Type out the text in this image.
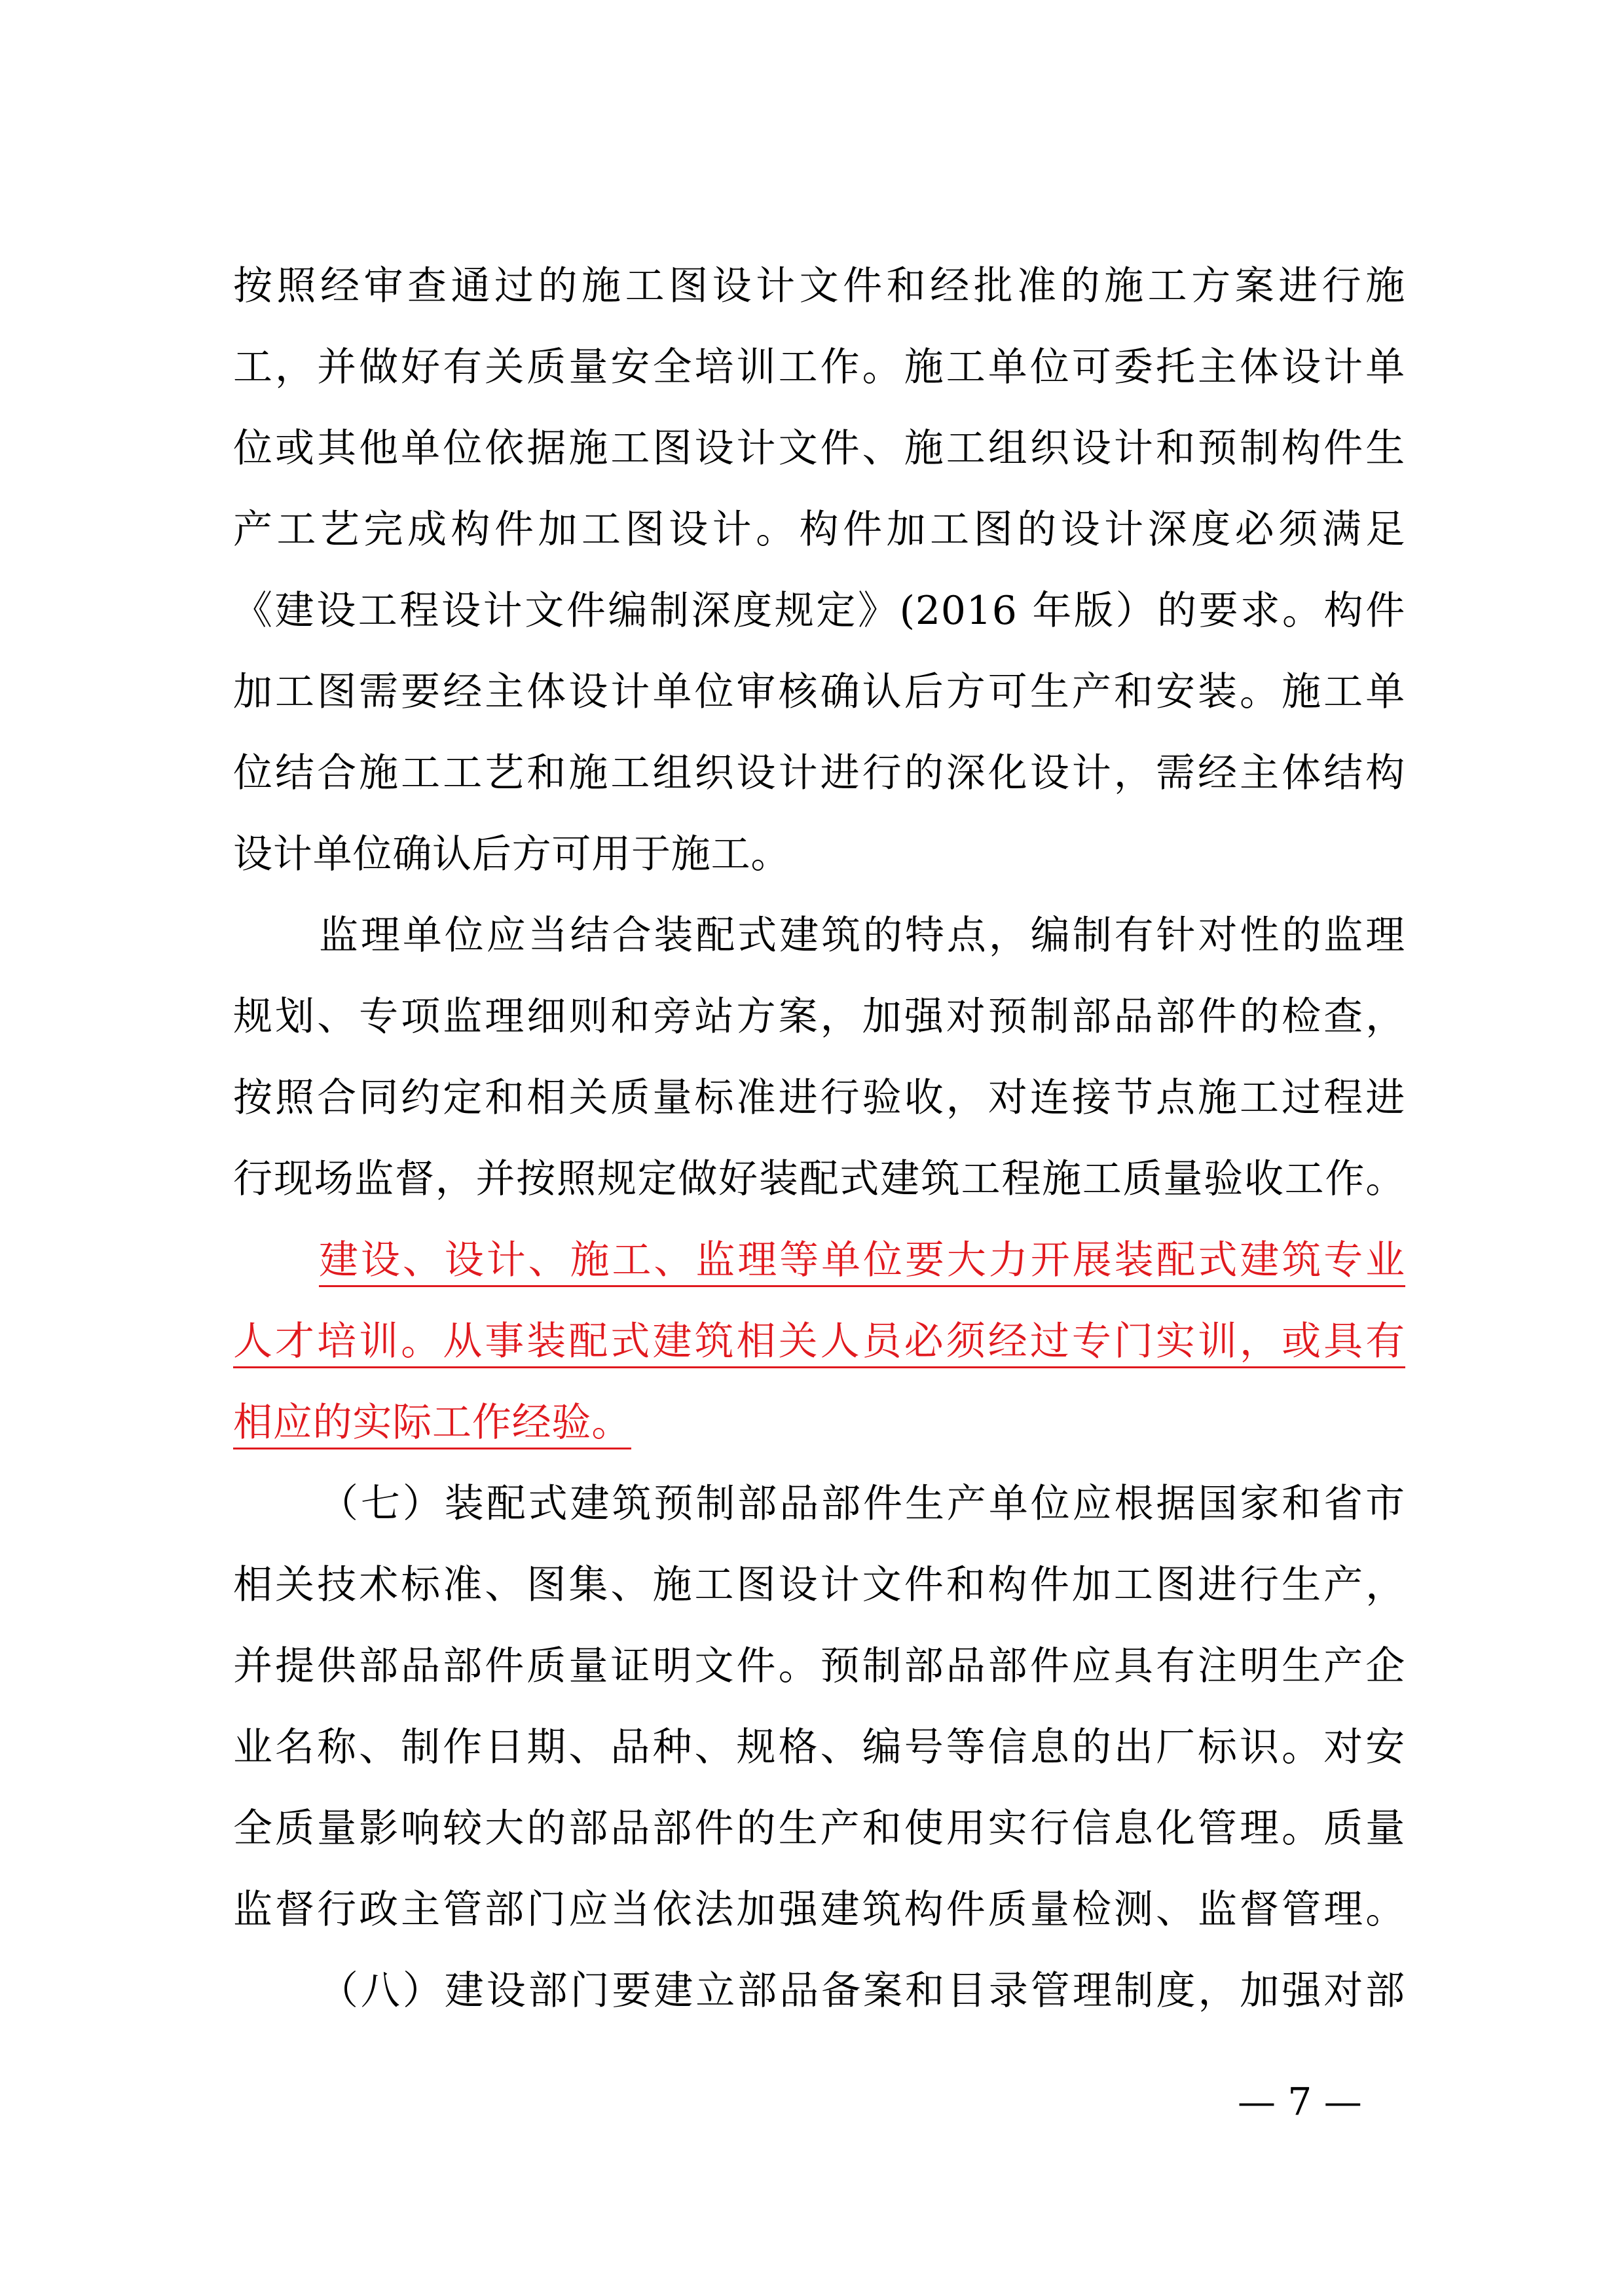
按照经审查通过的施工图设计文件和经批准的施工方案进行施
工，并做好有关质量安全培训工作。施工单位可委托主体设计单
位或其他单位依据施工图设计文件、施工组织设计和预制构件生
产工艺完成构件加工图设计。构件加工图的设计深度必须满足
《建设工程设计文件编制深度规定》(2016 年版）的要求。构件
加工图需要经主体设计单位审核确认后方可生产和安装。施工单
位结合施工工艺和施工组织设计进行的深化设计，需经主体结构
设计单位确认后方可用于施工。
监理单位应当结合装配式建筑的特点，编制有针对性的监理
规划、专项监理细则和旁站方案，加强对预制部品部件的检查，
按照合同约定和相关质量标准进行验收，对连接节点施工过程进
行现场监督，并按照规定做好装配式建筑工程施工质量验收工作。
建设、设计、施工、监理等单位要大力开展装配式建筑专业
人才培训。从事装配式建筑相关人员必须经过专门实训，或具有
相应的实际工作经验。
（七）装配式建筑预制部品部件生产单位应根据国家和省市
相关技术标准、图集、施工图设计文件和构件加工图进行生产，
并提供部品部件质量证明文件。预制部品部件应具有注明生产企
业名称、制作日期、品种、规格、编号等信息的出厂标识。对安
全质量影响较大的部品部件的生产和使用实行信息化管理。质量
监督行政主管部门应当依法加强建筑构件质量检测、监督管理。
（八）建设部门要建立部品备案和目录管理制度，加强对部
— 7 —
